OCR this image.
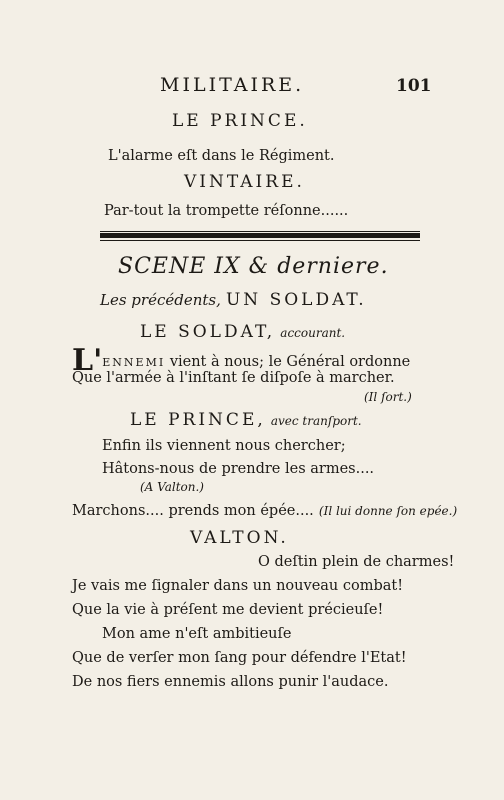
MILITAIRE.	101
LE PRINCE.
L'alarme eſt dans le Régiment.
VINTAIRE.
Par-tout la trompette réſonne......
SCENE IX & derniere.
Les précédents, UN SOLDAT.
LE SOLDAT, accourant.
L'ENNEMI vient à nous; le Général ordonne
Que l'armée à l'inſtant ſe diſpoſe à marcher.
(Il ſort.)
LE PRINCE, avec tranſport.
Enfin ils viennent nous chercher;
Hâtons-nous de prendre les armes....
(A Valton.)
Marchons.... prends mon épée.... (Il lui donne ſon epée.)
VALTON.
O deſtin plein de charmes!
Je vais me ſignaler dans un nouveau combat!
Que la vie à préſent me devient précieuſe!
Mon ame n'eſt ambitieuſe
Que de verſer mon ſang pour défendre l'Etat!
De nos fiers ennemis allons punir l'audace.
